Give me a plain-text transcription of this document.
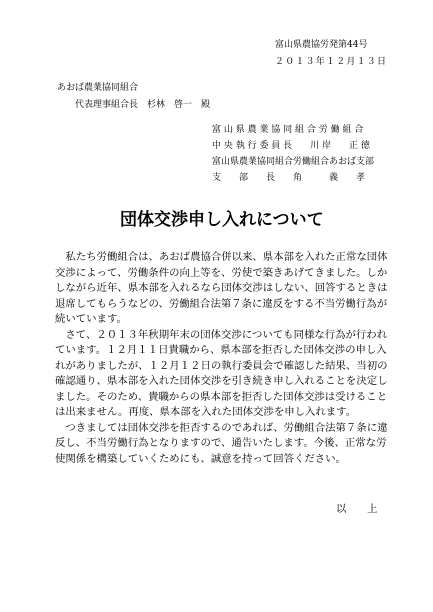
富山県農協労発第44号
２０１３年１２月１３日
あおば農業協同組合
代表理事組合長　杉林　啓一　殿
富 山 県 農 業 協 同 組 合 労 働 組 合
中 央 執 行 委 員 長　　川 岸　　正 徳
富山県農業協同組合労働組合あおば支部
支　　部　　長　　角　　　義　　孝
団体交渉申し入れについて
　私たち労働組合は、あおば農協合併以来、県本部を入れた正常な団体
交渉によって、労働条件の向上等を、労使で築きあげてきました。しか
しながら近年、県本部を入れるなら団体交渉はしない、回答するときは
退席してもらうなどの、労働組合法第７条に違反をする不当労働行為が
続いています。
　さて、２０１３年秋期年末の団体交渉についても同様な行為が行われ
ています。１２月１１日貴職から、県本部を拒否した団体交渉の申し入
れがありましたが、１２月１２日の執行委員会で確認した結果、当初の
確認通り、県本部を入れた団体交渉を引き続き申し入れることを決定し
ました。そのため、貴職からの県本部を拒否した団体交渉は受けること
は出来ません。再度、県本部を入れた団体交渉を申し入れます。
　つきましては団体交渉を拒否するのであれば、労働組合法第７条に違
反し、不当労働行為となりますので、通告いたします。今後、正常な労
使関係を構築していくためにも、誠意を持って回答ください。
以　　上
